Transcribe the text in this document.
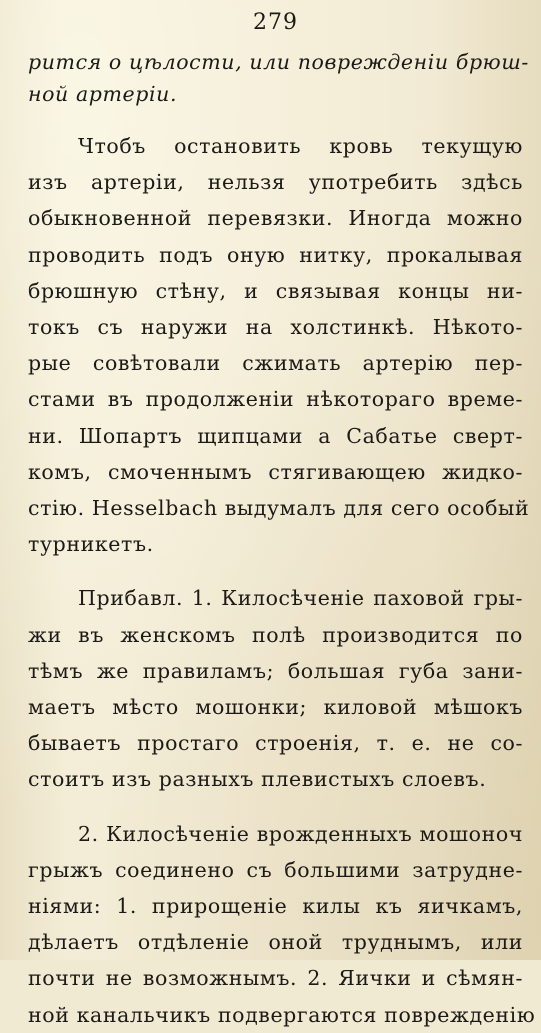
279
рится о цѣлости, или поврежденіи брюш-
ной артеріи.
Чтобъ остановить кровь текущую
изъ артеріи, нельзя употребить здѣсь
обыкновенной перевязки. Иногда можно
проводить подъ оную нитку, прокалывая
брюшную стѣну, и связывая концы ни-
токъ съ наружи на холстинкѣ. Нѣкото-
рые совѣтовали сжимать артерію пер-
стами въ продолженіи нѣкотораго време-
ни. Шопартъ щипцами а Сабатье сверт-
комъ, смоченнымъ стягивающею жидко-
стію. Hesselbach выдумалъ для сего особый
турникетъ.
Прибавл. 1. Килосѣченіе паховой гры-
жи въ женскомъ полѣ производится по
тѣмъ же правиламъ; большая губа зани-
маетъ мѣсто мошонки; киловой мѣшокъ
бываетъ простаго строенія, т. е. не со-
стоитъ изъ разныхъ плевистыхъ слоевъ.
2. Килосѣченіе врожденныхъ мошоноч
грыжъ соединено съ большими затрудне-
ніями: 1. прирощеніе килы къ яичкамъ,
дѣлаетъ отдѣленіе оной труднымъ, или
почти не возможнымъ. 2. Яички и сѣмян-
ной канальчикъ подвергаются поврежденію
